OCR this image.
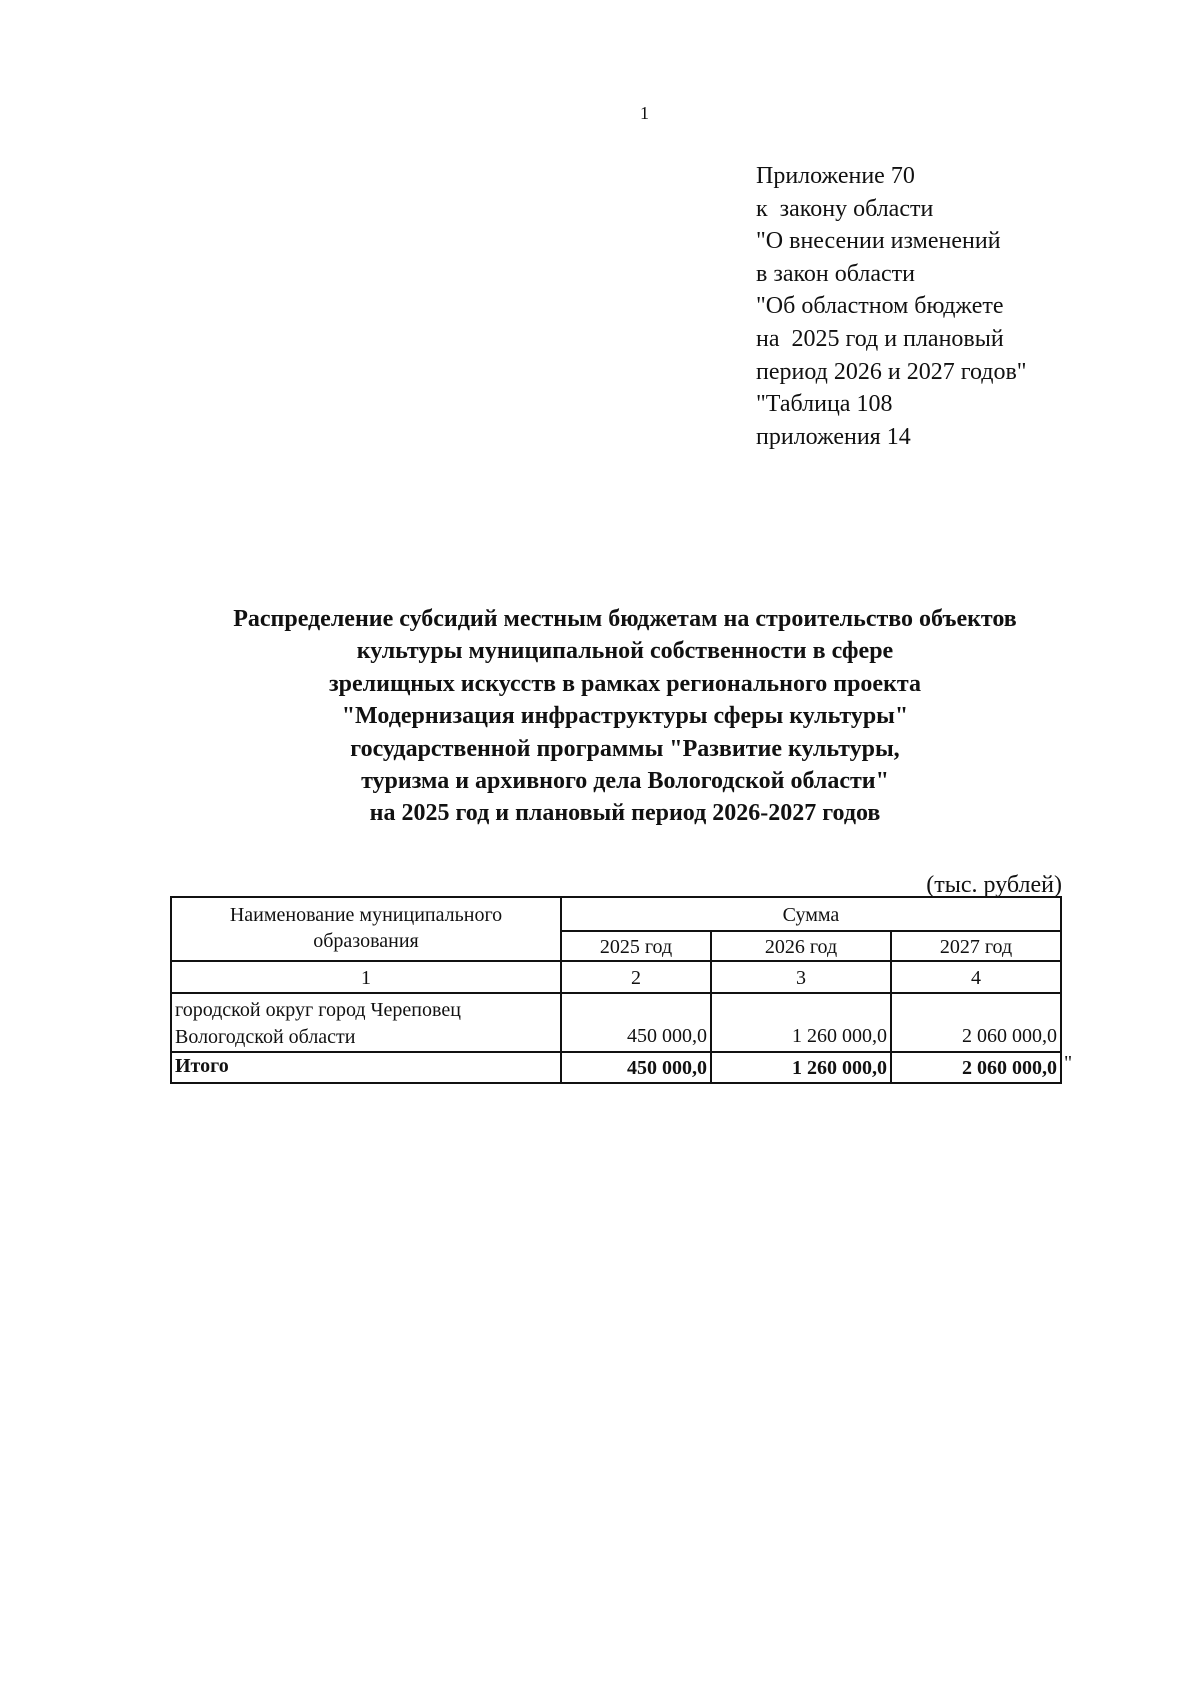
1
Приложение 70
к  закону области
"О внесении изменений
в закон области
"Об областном бюджете
на  2025 год и плановый
период 2026 и 2027 годов"
"Таблица 108
приложения 14
Распределение субсидий местным бюджетам на строительство объектов
культуры муниципальной собственности в сфере
зрелищных искусств в рамках регионального проекта
"Модернизация инфраструктуры сферы культуры"
государственной программы "Развитие культуры,
туризма и архивного дела Вологодской области"
на 2025 год и плановый период 2026-2027 годов
(тыс. рублей)
Наименование муниципального образования	Сумма		
	2025 год	2026 год	2027 год
1	2	3	4
городской округ город Череповец Вологодской области	450 000,0	1 260 000,0	2 060 000,0
Итого	450 000,0	1 260 000,0	2 060 000,0 "
